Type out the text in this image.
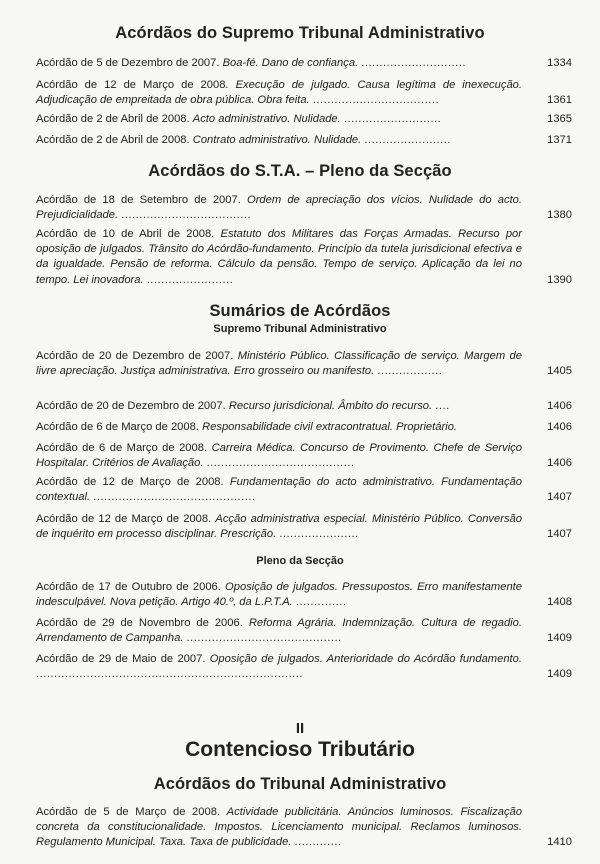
Acórdãos do Supremo Tribunal Administrativo
Acórdão de 5 de Dezembro de 2007. Boa-fé. Dano de confiança. .............................	1334
Acórdão de 12 de Março de 2008. Execução de julgado. Causa legítima de inexecução. Adjudicação de empreitada de obra pública. Obra feita. ...................................	1361
Acórdão de 2 de Abril de 2008. Acto administrativo. Nulidade. ...........................	1365
Acórdão de 2 de Abril de 2008. Contrato administrativo. Nulidade. ........................	1371
Acórdãos do S.T.A. – Pleno da Secção
Acórdão de 18 de Setembro de 2007. Ordem de apreciação dos vícios. Nulidade do acto. Prejudicialidade. ....................................	1380
Acórdão de 10 de Abril de 2008. Estatuto dos Militares das Forças Armadas. Recurso por oposição de julgados. Trânsito do Acórdão-fundamento. Princípio da tutela jurisdicional efectiva e da igualdade. Pensão de reforma. Cálculo da pensão. Tempo de serviço. Aplicação da lei no tempo. Lei inovadora. ........................	1390
Sumários de Acórdãos
Supremo Tribunal Administrativo
Acórdão de 20 de Dezembro de 2007. Ministério Público. Classificação de serviço. Margem de livre apreciação. Justiça administrativa. Erro grosseiro ou manifesto. ..................	1405
Acórdão de 20 de Dezembro de 2007. Recurso jurisdicional. Âmbito do recurso. ....	1406
Acórdão de 6 de Março de 2008. Responsabilidade civil extracontratual. Proprietário.	1406
Acórdão de 6 de Março de 2008. Carreira Médica. Concurso de Provimento. Chefe de Serviço Hospitalar. Critérios de Avaliação. .........................................	1406
Acórdão de 12 de Março de 2008. Fundamentação do acto administrativo. Fundamentação contextual. .............................................	1407
Acórdão de 12 de Março de 2008. Acção administrativa especial. Ministério Público. Conversão de inquérito em processo disciplinar. Prescrição. ......................	1407
Pleno da Secção
Acórdão de 17 de Outubro de 2006. Oposição de julgados. Pressupostos. Erro manifestamente indesculpável. Nova petição. Artigo 40.º, da L.P.T.A. ..............	1408
Acórdão de 29 de Novembro de 2006. Reforma Agrária. Indemnização. Cultura de regadio. Arrendamento de Campanha. ...........................................	1409
Acórdão de 29 de Maio de 2007. Oposição de julgados. Anterioridade do Acórdão fundamento. ..........................................................................	1409
II
Contencioso Tributário
Acórdãos do Tribunal Administrativo
Acórdão de 5 de Março de 2008. Actividade publicitária. Anúncios luminosos. Fiscalização concreta da constitucionalidade. Impostos. Licenciamento municipal. Reclamos luminosos. Regulamento Municipal. Taxa. Taxa de publicidade. .............	1410
